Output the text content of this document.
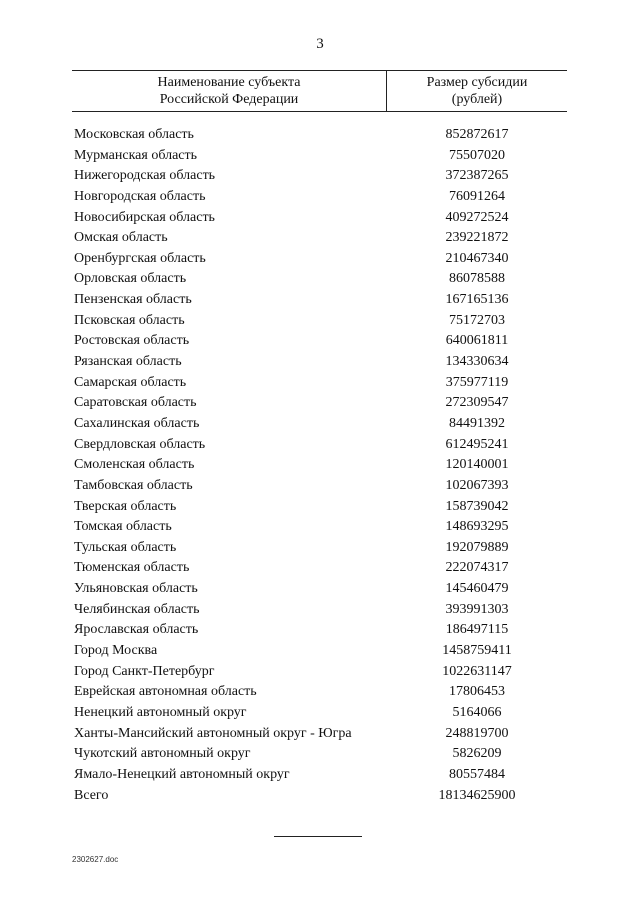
3
Наименование субъекта
Российской Федерации
Размер субсидии
(рублей)
Московская область	852872617
Мурманская область	75507020
Нижегородская область	372387265
Новгородская область	76091264
Новосибирская область	409272524
Омская область	239221872
Оренбургская область	210467340
Орловская область	86078588
Пензенская область	167165136
Псковская область	75172703
Ростовская область	640061811
Рязанская область	134330634
Самарская область	375977119
Саратовская область	272309547
Сахалинская область	84491392
Свердловская область	612495241
Смоленская область	120140001
Тамбовская область	102067393
Тверская область	158739042
Томская область	148693295
Тульская область	192079889
Тюменская область	222074317
Ульяновская область	145460479
Челябинская область	393991303
Ярославская область	186497115
Город Москва	1458759411
Город Санкт-Петербург	1022631147
Еврейская автономная область	17806453
Ненецкий автономный округ	5164066
Ханты-Мансийский автономный округ - Югра	248819700
Чукотский автономный округ	5826209
Ямало-Ненецкий автономный округ	80557484
Всего	18134625900
2302627.doc
